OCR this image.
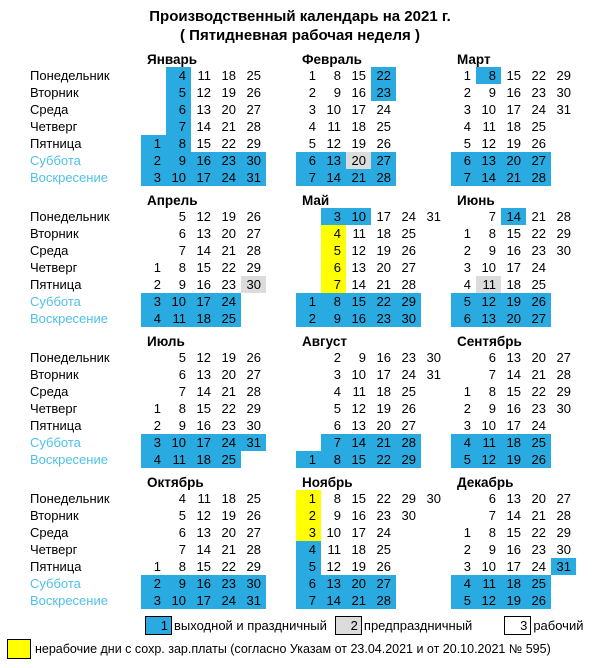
Производственный календарь на 2021 г.
( Пятидневная рабочая неделя )
Понедельник
Вторник
Среда
Четверг
Пятница
Суббота
Воскресение
Январь
4 11 18 25
5 12 19 26
6 13 20 27
7 14 21 28
1	8 15 22 29
2	9 16 23 30
3 10 17 24 31
Февраль
1	8 15 22
2	9 16 23
3 10 17 24
4 11 18 25
5 12 19 26
6 13 20 27
7 14 21 28
Март
1	8 15 22 29
2	9 16 23 30
3 10 17 24 31
4 11 18 25
5 12 19 26
6 13 20 27
7 14 21 28
Понедельник
Вторник
Среда
Четверг
Пятница
Суббота
Воскресение
Апрель
5 12 19 26
6 13 20 27
7 14 21 28
1	8 15 22 29
2	9 16 23 30
3 10 17 24
4 11 18 25
Май
3 10 17 24 31
4 11 18 25
5 12 19 26
6 13 20 27
7 14 21 28
1	8 15 22 29
2	9 16 23 30
Июнь
7 14 21 28
1	8 15 22 29
2	9 16 23 30
3 10 17 24
4 11 18 25
5 12 19 26
6 13 20 27
Понедельник
Вторник
Среда
Четверг
Пятница
Суббота
Воскресение
Июль
5 12 19 26
6 13 20 27
7 14 21 28
1	8 15 22 29
2	9 16 23 30
3 10 17 24 31
4 11 18 25
Август
2	9 16 23 30
3 10 17 24 31
4 11 18 25
5 12 19 26
6 13 20 27
7 14 21 28
1	8 15 22 29
Сентябрь
6 13 20 27
7 14 21 28
1	8 15 22 29
2	9 16 23 30
3 10 17 24
4 11 18 25
5 12 19 26
Понедельник
Вторник
Среда
Четверг
Пятница
Суббота
Воскресение
Октябрь
4 11 18 25
5 12 19 26
6 13 20 27
7 14 21 28
1	8 15 22 29
2	9 16 23 30
3 10 17 24 31
Ноябрь
1	8 15 22 29 30
2	9 16 23 30
3 10 17 24
4 11 18 25
5 12 19 26
6 13 20 27
7 14 21 28
Декабрь
6 13 20 27
7 14 21 28
1	8 15 22 29
2	9 16 23 30
3 10 17 24 31
4 11 18 25
5 12 19 26
1 выходной и праздничный	2 предпраздничный	3 рабочий
нерабочие дни с сохр. зар.платы (согласно Указам от 23.04.2021 и от 20.10.2021 № 595)
